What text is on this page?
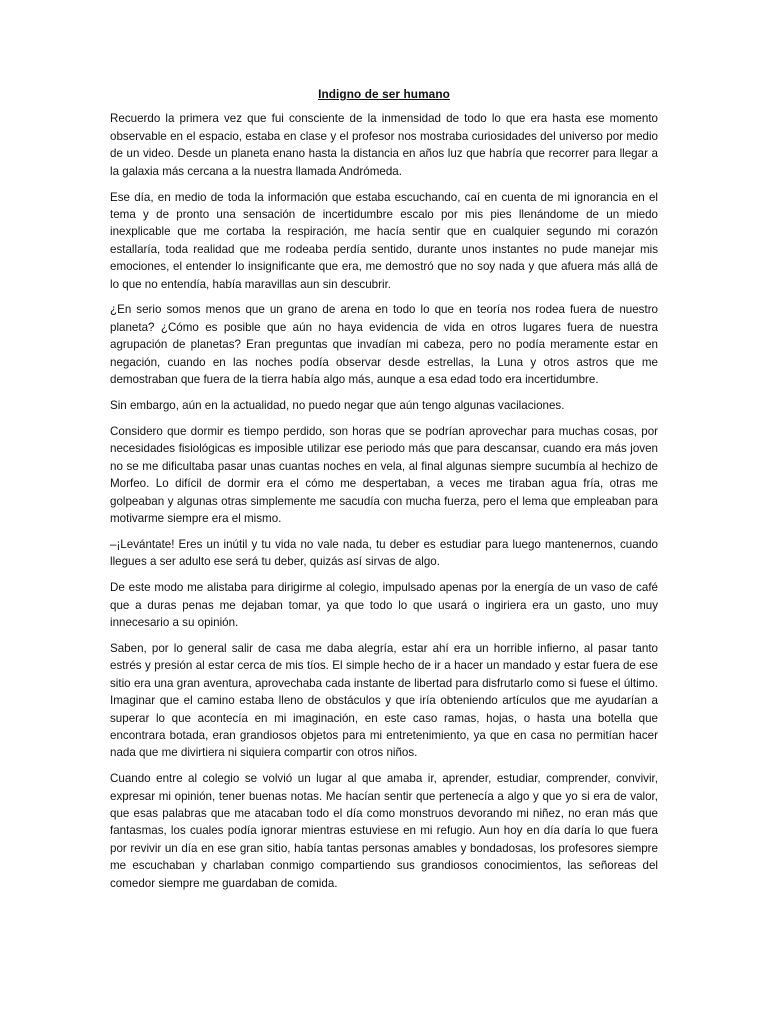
Indigno de ser humano

Recuerdo la primera vez que fui consciente de la inmensidad de todo lo que era hasta ese momento observable en el espacio, estaba en clase y el profesor nos mostraba curiosidades del universo por medio de un video. Desde un planeta enano hasta la distancia en años luz que habría que recorrer para llegar a la galaxia más cercana a la nuestra llamada Andrómeda.

Ese día, en medio de toda la información que estaba escuchando, caí en cuenta de mi ignorancia en el tema y de pronto una sensación de incertidumbre escalo por mis pies llenándome de un miedo inexplicable que me cortaba la respiración, me hacía sentir que en cualquier segundo mi corazón estallaría, toda realidad que me rodeaba perdía sentido, durante unos instantes no pude manejar mis emociones, el entender lo insignificante que era, me demostró que no soy nada y que afuera más allá de lo que no entendía, había maravillas aun sin descubrir.

¿En serio somos menos que un grano de arena en todo lo que en teoría nos rodea fuera de nuestro planeta? ¿Cómo es posible que aún no haya evidencia de vida en otros lugares fuera de nuestra agrupación de planetas? Eran preguntas que invadían mi cabeza, pero no podía meramente estar en negación, cuando en las noches podía observar desde estrellas, la Luna y otros astros que me demostraban que fuera de la tierra había algo más, aunque a esa edad todo era incertidumbre.

Sin embargo, aún en la actualidad, no puedo negar que aún tengo algunas vacilaciones.

Considero que dormir es tiempo perdido, son horas que se podrían aprovechar para muchas cosas, por necesidades fisiológicas es imposible utilizar ese periodo más que para descansar, cuando era más joven no se me dificultaba pasar unas cuantas noches en vela, al final algunas siempre sucumbía al hechizo de Morfeo. Lo difícil de dormir era el cómo me despertaban, a veces me tiraban agua fría, otras me golpeaban y algunas otras simplemente me sacudía con mucha fuerza, pero el lema que empleaban para motivarme siempre era el mismo.

–¡Levántate! Eres un inútil y tu vida no vale nada, tu deber es estudiar para luego mantenernos, cuando llegues a ser adulto ese será tu deber, quizás así sirvas de algo.

De este modo me alistaba para dirigirme al colegio, impulsado apenas por la energía de un vaso de café que a duras penas me dejaban tomar, ya que todo lo que usará o ingiriera era un gasto, uno muy innecesario a su opinión.

Saben, por lo general salir de casa me daba alegría, estar ahí era un horrible infierno, al pasar tanto estrés y presión al estar cerca de mis tíos. El simple hecho de ir a hacer un mandado y estar fuera de ese sitio era una gran aventura, aprovechaba cada instante de libertad para disfrutarlo como si fuese el último. Imaginar que el camino estaba lleno de obstáculos y que iría obteniendo artículos que me ayudarían a superar lo que acontecía en mi imaginación, en este caso ramas, hojas, o hasta una botella que encontrara botada, eran grandiosos objetos para mi entretenimiento, ya que en casa no permitían hacer nada que me divirtiera ni siquiera compartir con otros niños.

Cuando entre al colegio se volvió un lugar al que amaba ir, aprender, estudiar, comprender, convivir, expresar mi opinión, tener buenas notas. Me hacían sentir que pertenecía a algo y que yo si era de valor, que esas palabras que me atacaban todo el día como monstruos devorando mi niñez, no eran más que fantasmas, los cuales podía ignorar mientras estuviese en mi refugio. Aun hoy en día daría lo que fuera por revivir un día en ese gran sitio, había tantas personas amables y bondadosas, los profesores siempre me escuchaban y charlaban conmigo compartiendo sus grandiosos conocimientos, las señoreas del comedor siempre me guardaban de comida.
